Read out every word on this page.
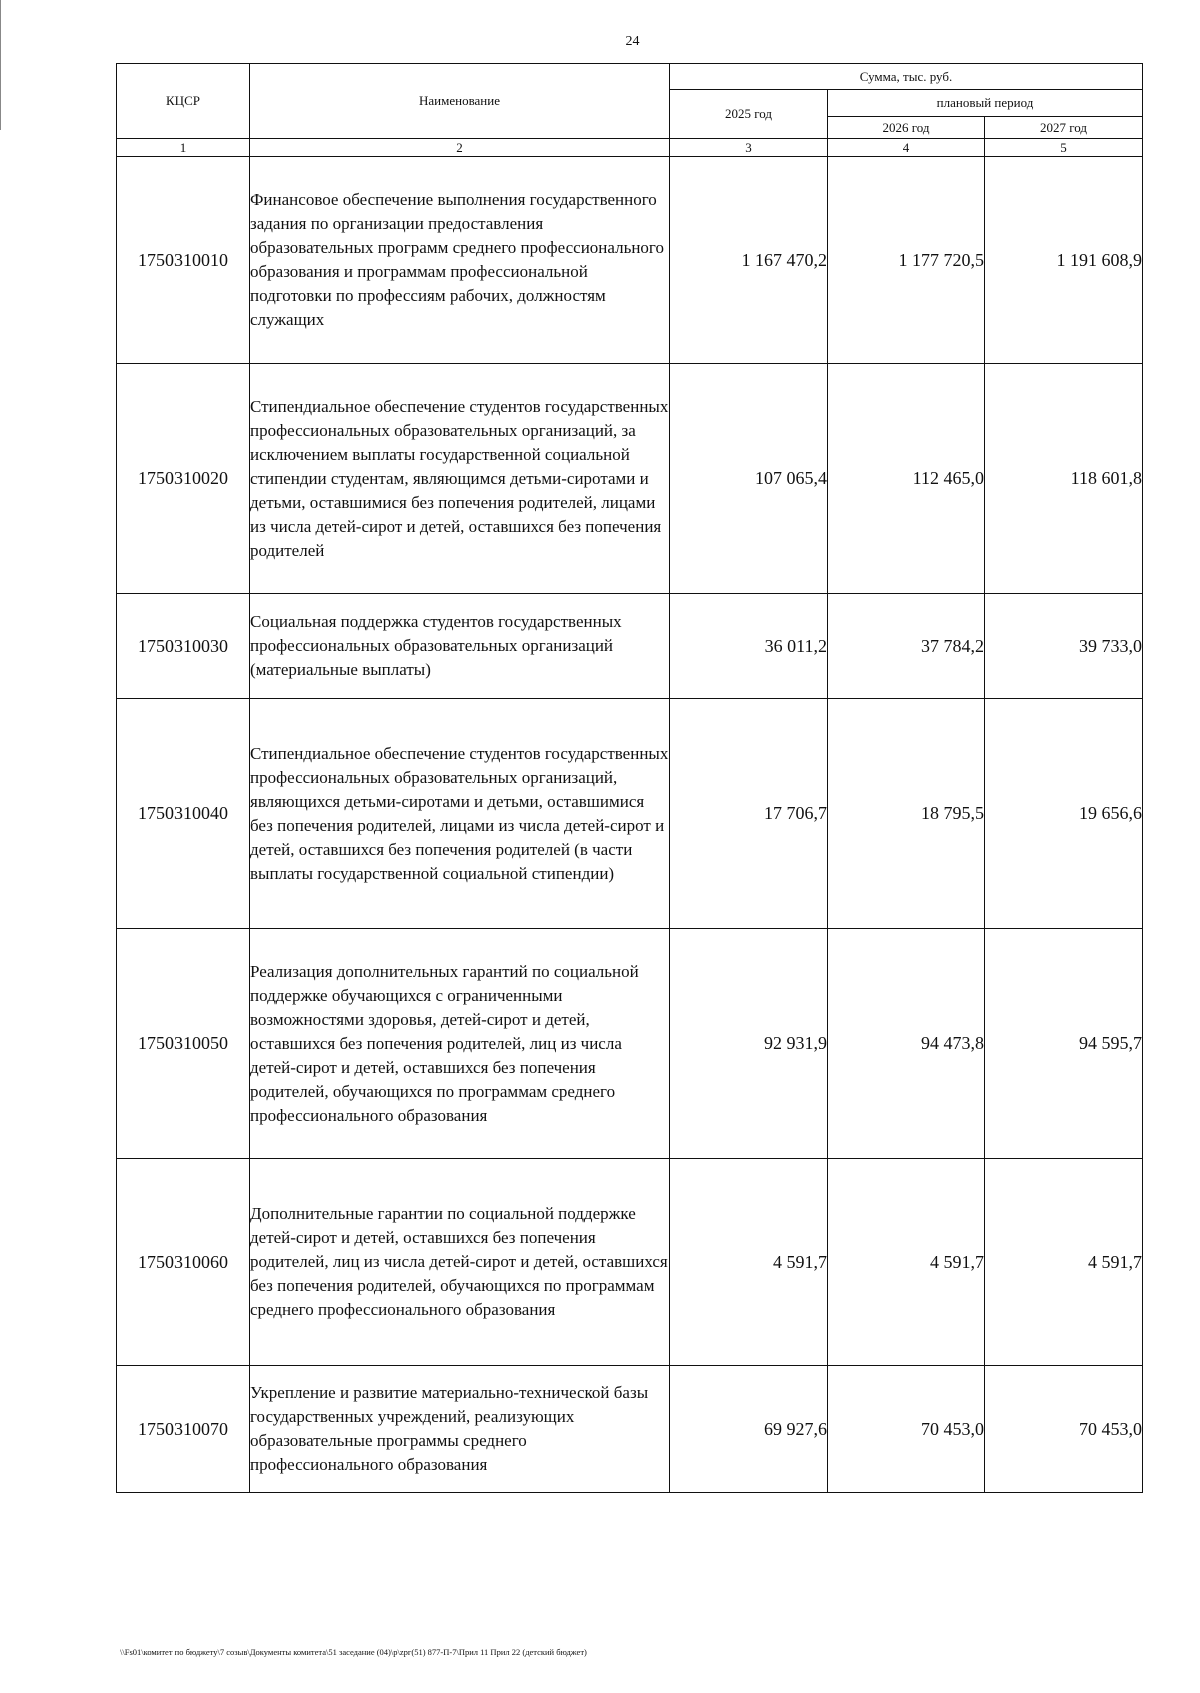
24
КЦСР	Наименование	Сумма, тыс. руб.		
		2025 год	плановый период	
			2026 год	2027 год
1	2	3	4	5
1750310010	Финансовое обеспечение выполнения государственного задания по организации предоставления образовательных программ среднего профессионального образования и программам профессиональной подготовки по профессиям рабочих, должностям служащих	1 167 470,2	1 177 720,5	1 191 608,9
1750310020	Стипендиальное обеспечение студентов государственных профессиональных образовательных организаций, за исключением выплаты государственной социальной стипендии студентам, являющимся детьми-сиротами и детьми, оставшимися без попечения родителей, лицами из числа детей-сирот и детей, оставшихся без попечения родителей	107 065,4	112 465,0	118 601,8
1750310030	Социальная поддержка студентов государственных профессиональных образовательных организаций (материальные выплаты)	36 011,2	37 784,2	39 733,0
1750310040	Стипендиальное обеспечение студентов государственных профессиональных образовательных организаций, являющихся детьми-сиротами и детьми, оставшимися без попечения родителей, лицами из числа детей-сирот и детей, оставшихся без попечения родителей (в части выплаты государственной социальной стипендии)	17 706,7	18 795,5	19 656,6
1750310050	Реализация дополнительных гарантий по социальной поддержке обучающихся с ограниченными возможностями здоровья, детей-сирот и детей, оставшихся без попечения родителей, лиц из числа детей-сирот и детей, оставшихся без попечения родителей, обучающихся по программам среднего профессионального образования	92 931,9	94 473,8	94 595,7
1750310060	Дополнительные гарантии по социальной поддержке детей-сирот и детей, оставшихся без попечения родителей, лиц из числа детей-сирот и детей, оставшихся без попечения родителей, обучающихся по программам среднего профессионального образования	4 591,7	4 591,7	4 591,7
1750310070	Укрепление и развитие материально-технической базы государственных учреждений, реализующих образовательные программы среднего профессионального образования	69 927,6	70 453,0	70 453,0
\\Fs01\комитет по бюджету\7 созыв\Документы комитета\51 заседание (04)\p\zрг(51) 877-П-7\Прил 11 Прил 22 (детский бюджет)
